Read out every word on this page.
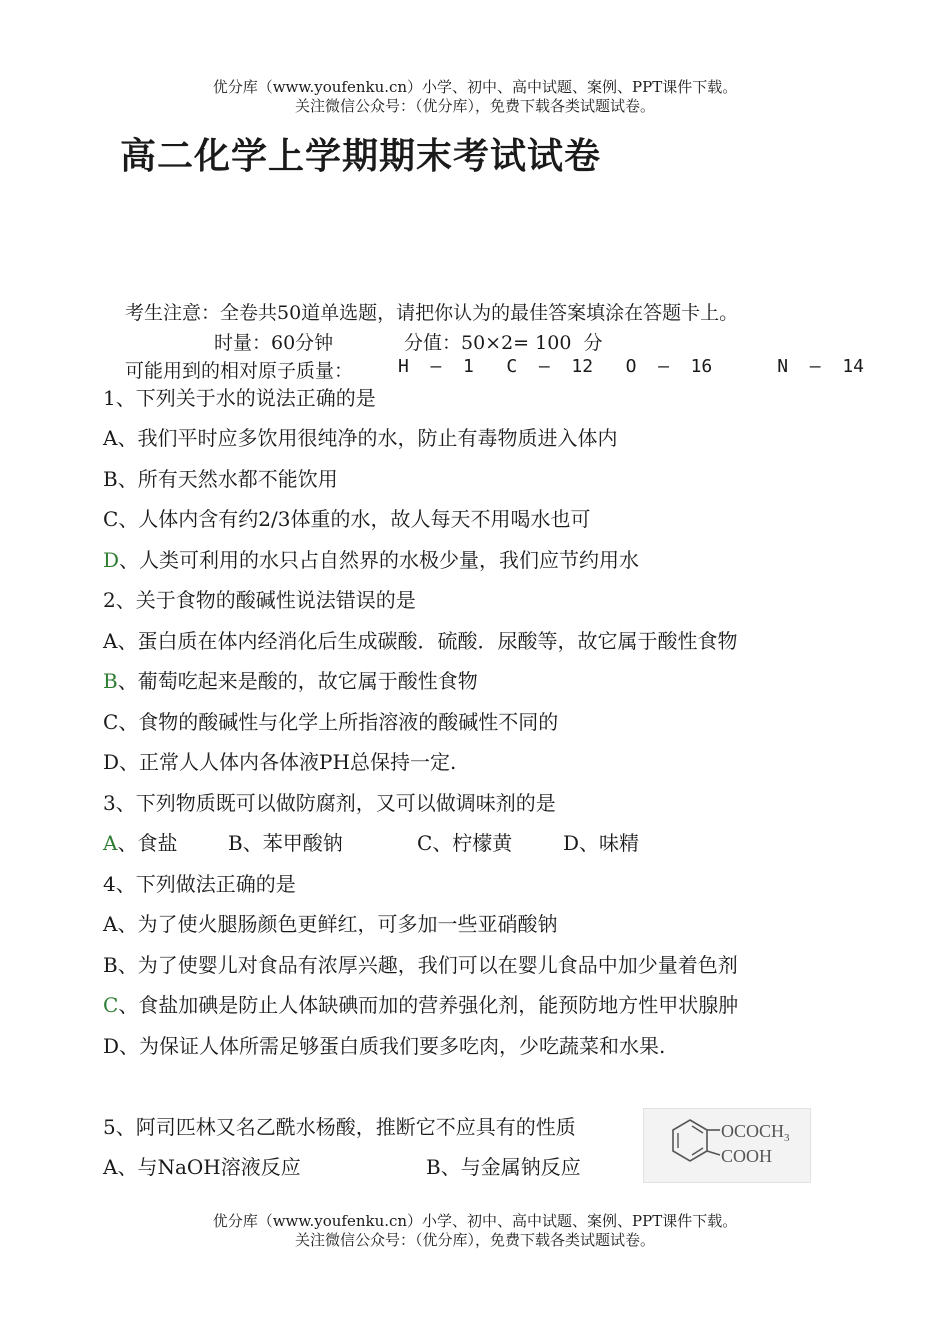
优分库（www.youfenku.cn）小学、初中、高中试题、案例、PPT课件下载。
关注微信公众号：（优分库），免费下载各类试题试卷。
高二化学上学期期末考试试卷
考生注意：全卷共50道单选题，请把你认为的最佳答案填涂在答题卡上。
时量：60分钟	分值：50×2= 100  分
可能用到的相对原子质量： H  –  1   C  –  12   O  –  16      N  –  14
1、下列关于水的说法正确的是
A、我们平时应多饮用很纯净的水，防止有毒物质进入体内
B、所有天然水都不能饮用
C、人体内含有约2/3体重的水，故人每天不用喝水也可
D、人类可利用的水只占自然界的水极少量，我们应节约用水
2、关于食物的酸碱性说法错误的是
A、蛋白质在体内经消化后生成碳酸．硫酸．尿酸等，故它属于酸性食物
B、葡萄吃起来是酸的，故它属于酸性食物
C、食物的酸碱性与化学上所指溶液的酸碱性不同的
D、正常人人体内各体液PH总保持一定.
3、下列物质既可以做防腐剂，又可以做调味剂的是
A、食盐	B、苯甲酸钠	C、柠檬黄	D、味精
4、下列做法正确的是
A、为了使火腿肠颜色更鲜红，可多加一些亚硝酸钠
B、为了使婴儿对食品有浓厚兴趣，我们可以在婴儿食品中加少量着色剂
C、食盐加碘是防止人体缺碘而加的营养强化剂，能预防地方性甲状腺肿
D、为保证人体所需足够蛋白质我们要多吃肉，少吃蔬菜和水果.
5、阿司匹林又名乙酰水杨酸，推断它不应具有的性质
A、与NaOH溶液反应	B、与金属钠反应
$OCOCH_3$
COOH
优分库（www.youfenku.cn）小学、初中、高中试题、案例、PPT课件下载。
关注微信公众号：（优分库），免费下载各类试题试卷。
